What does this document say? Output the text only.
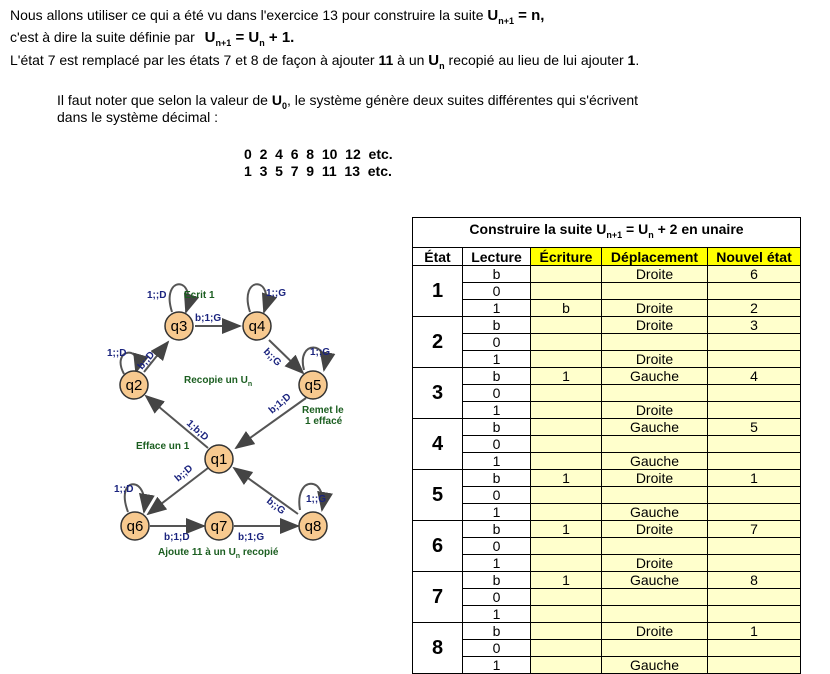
Nous allons utiliser ce qui a été vu dans l'exercice 13 pour construire la suite $U_{n+1} = n$,
c'est à dire la suite définie par $U_{n+1} = U_n + 1$.
L'état 7 est remplacé par les états 7 et 8 de façon à ajouter 11 à un $U_n$ recopié au lieu de lui ajouter 1.
Il faut noter que selon la valeur de $U_0$, le système génère deux suites différentes qui s'écrivent
dans le système décimal :
0  2  4  6  8  10  12  etc.
1  3  5  7  9  11  13  etc.
q3	q4
q2	q5
q1
q6	q7	q8
1;;D
b;1;G
1;;G
b;;G	1;;G
1;;D b;;D
b;1;D
1;b;D
b;;D
1;;D
b;1;D	b;1;G
b;;G 1;;G
Ecrit 1
Recopie un $U_n$
Remet le
1 effacé
Efface un 1
Ajoute 11 à un $U_n$ recopié
Construire la suite $U_{n+1} = U_n + 2$ en unaire				
État	Lecture	Écriture	Déplacement	Nouvel état
1	b		Droite	6
	0			
	1	b	Droite	2
2	b		Droite	3
	0			
	1		Droite	
3	b	1	Gauche	4
	0			
	1		Droite	
4	b		Gauche	5
	0			
	1		Gauche	
5	b	1	Droite	1
	0			
	1		Gauche	
6	b	1	Droite	7
	0			
	1		Droite	
7	b	1	Gauche	8
	0			
	1			
8	b		Droite	1
	0			
	1		Gauche	
